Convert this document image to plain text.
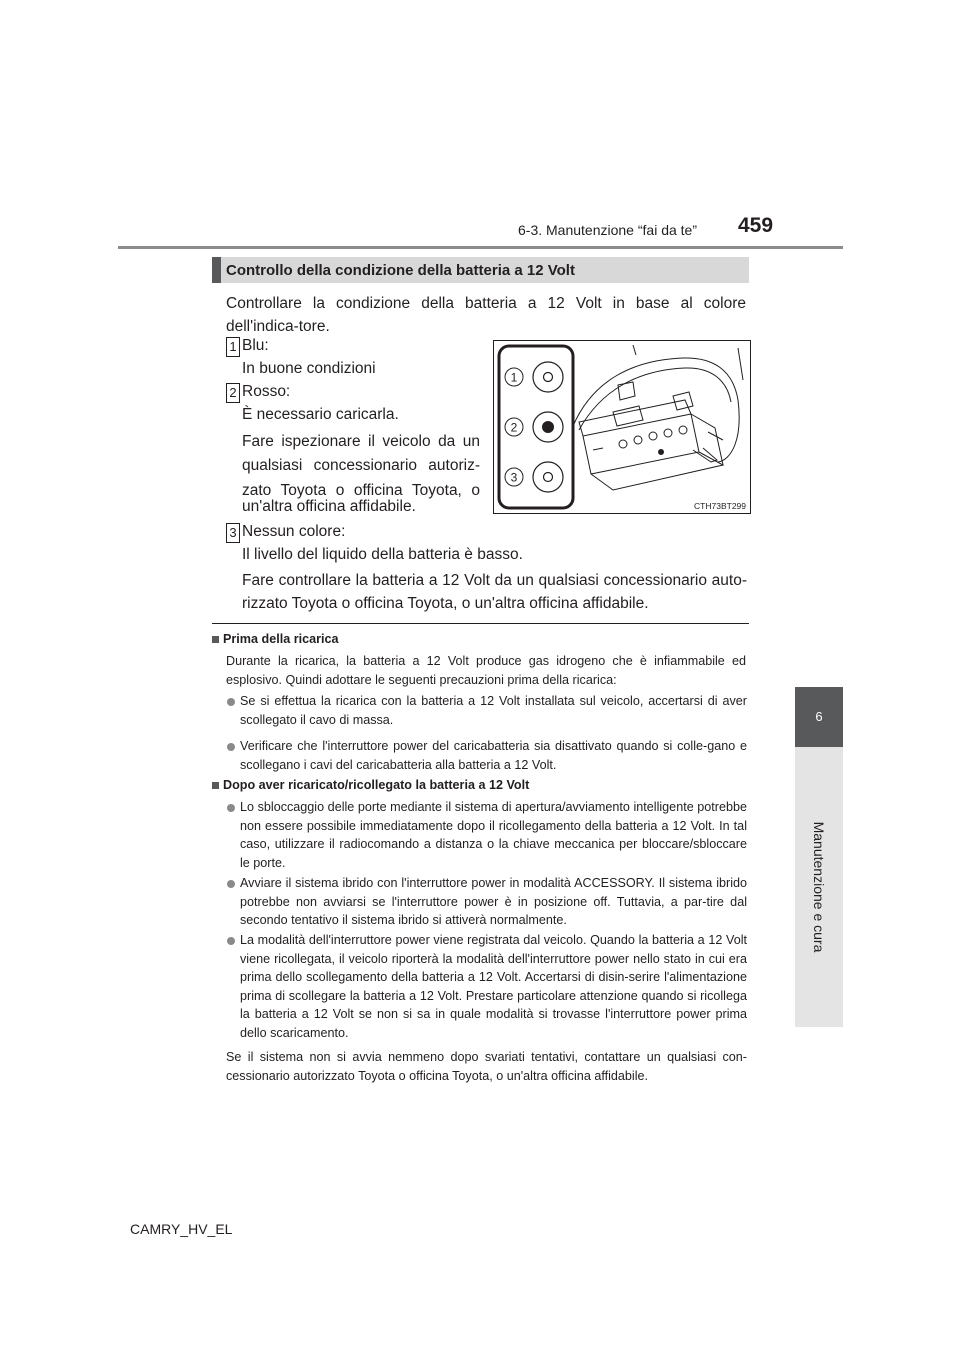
6-3. Manutenzione “fai da te” 459
6
Manutenzione e cura
Controllo della condizione della batteria a 12 Volt
Controllare la condizione della batteria a 12 Volt in base al colore dell'indica-tore.
1 Blu:
In buone condizioni
2 Rosso:
È necessario caricarla.
Fare ispezionare il veicolo da un qualsiasi concessionario autoriz-zato Toyota o officina Toyota, o
un'altra officina affidabile.
3 Nessun colore:
Il livello del liquido della batteria è basso.
Fare controllare la batteria a 12 Volt da un qualsiasi concessionario auto-rizzato Toyota o officina Toyota, o un'altra officina affidabile.
1
2
3
CTH73BT299
Prima della ricarica
Durante la ricarica, la batteria a 12 Volt produce gas idrogeno che è infiammabile ed esplosivo. Quindi adottare le seguenti precauzioni prima della ricarica:
Se si effettua la ricarica con la batteria a 12 Volt installata sul veicolo, accertarsi di aver scollegato il cavo di massa.
Verificare che l'interruttore power del caricabatteria sia disattivato quando si colle-gano e scollegano i cavi del caricabatteria alla batteria a 12 Volt.
Dopo aver ricaricato/ricollegato la batteria a 12 Volt
Lo sbloccaggio delle porte mediante il sistema di apertura/avviamento intelligente potrebbe non essere possibile immediatamente dopo il ricollegamento della batteria a 12 Volt. In tal caso, utilizzare il radiocomando a distanza o la chiave meccanica per bloccare/sbloccare le porte.
Avviare il sistema ibrido con l'interruttore power in modalità ACCESSORY. Il sistema ibrido potrebbe non avviarsi se l'interruttore power è in posizione off. Tuttavia, a par-tire dal secondo tentativo il sistema ibrido si attiverà normalmente.
La modalità dell'interruttore power viene registrata dal veicolo. Quando la batteria a 12 Volt viene ricollegata, il veicolo riporterà la modalità dell'interruttore power nello stato in cui era prima dello scollegamento della batteria a 12 Volt. Accertarsi di disin-serire l'alimentazione prima di scollegare la batteria a 12 Volt. Prestare particolare attenzione quando si ricollega la batteria a 12 Volt se non si sa in quale modalità si trovasse l'interruttore power prima dello scaricamento.
Se il sistema non si avvia nemmeno dopo svariati tentativi, contattare un qualsiasi con-cessionario autorizzato Toyota o officina Toyota, o un'altra officina affidabile.
CAMRY_HV_EL
